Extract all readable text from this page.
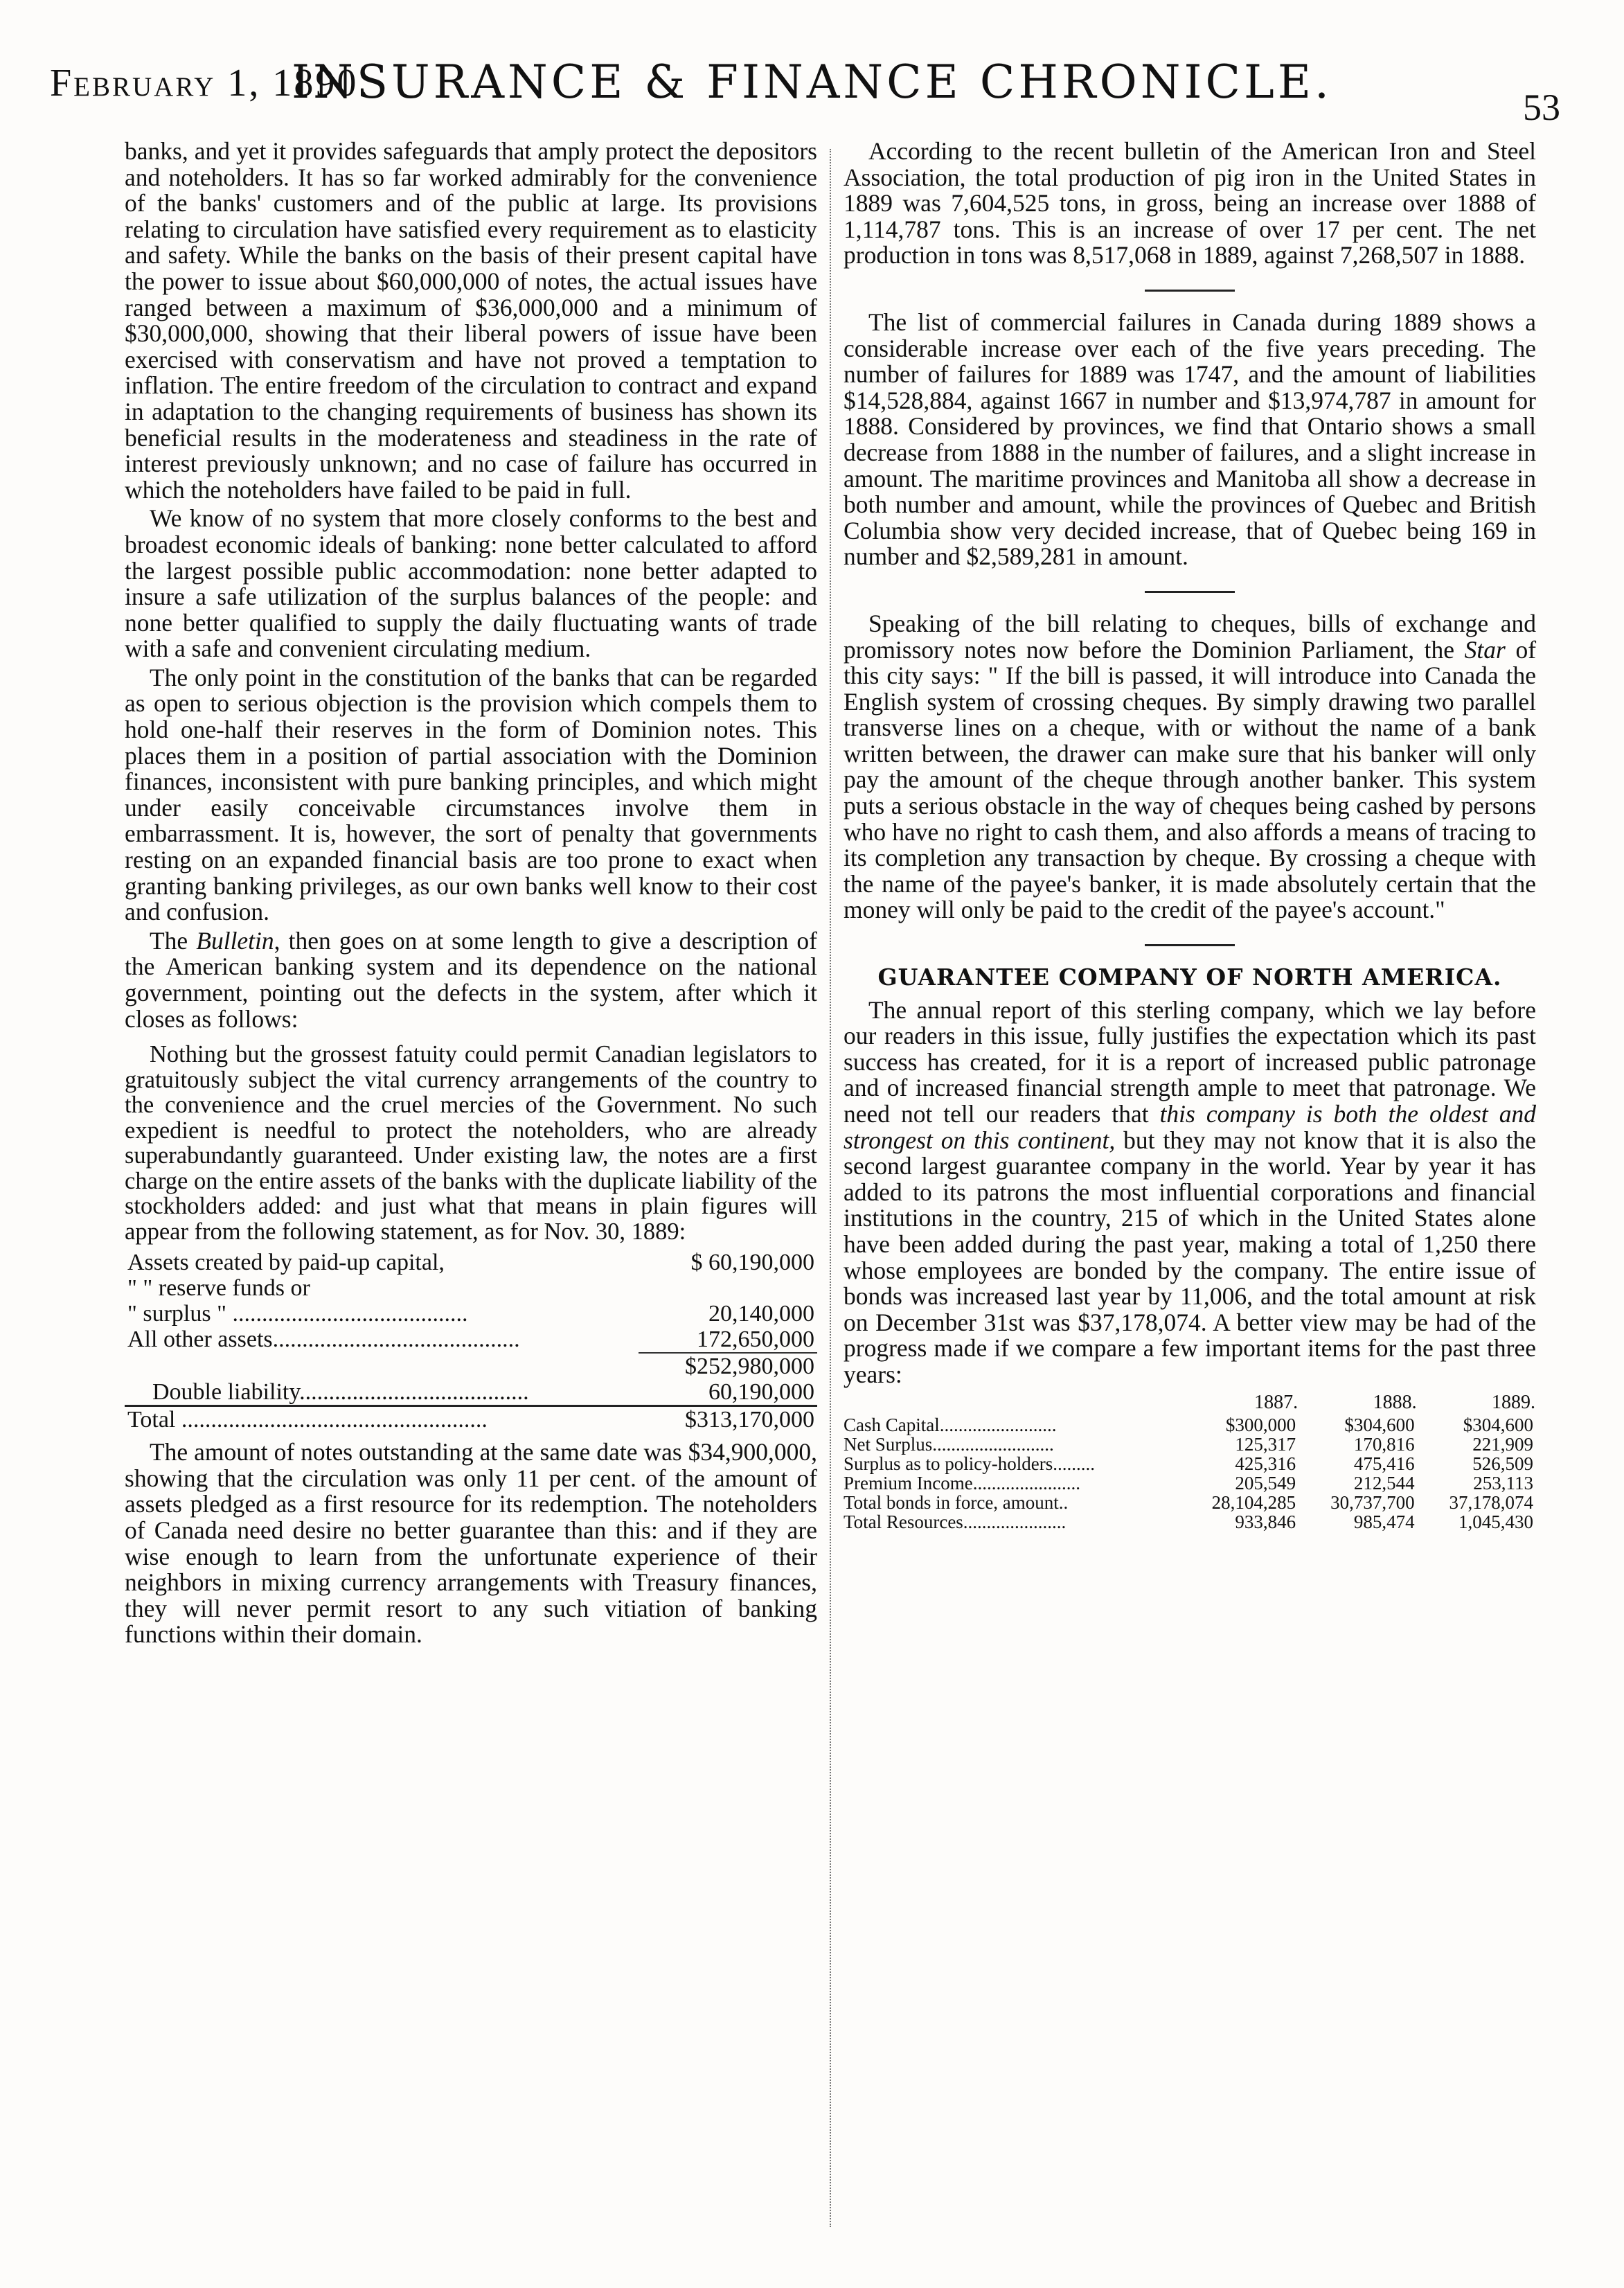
February 1, 1890.
INSURANCE & FINANCE CHRONICLE.	53

banks, and yet it provides safeguards that amply protect the depositors and noteholders. It has so far worked admirably for the convenience of the banks' customers and of the public at large. Its provisions relating to circulation have satisfied every requirement as to elasticity and safety. While the banks on the basis of their present capital have the power to issue about $60,000,000 of notes, the actual issues have ranged between a maximum of $36,000,000 and a minimum of $30,000,000, showing that their liberal powers of issue have been exercised with conservatism and have not proved a temptation to inflation. The entire freedom of the circulation to contract and expand in adaptation to the changing requirements of business has shown its beneficial results in the moderateness and steadiness in the rate of interest previously unknown; and no case of failure has occurred in which the noteholders have failed to be paid in full.

We know of no system that more closely conforms to the best and broadest economic ideals of banking: none better calculated to afford the largest possible public accommodation: none better adapted to insure a safe utilization of the surplus balances of the people: and none better qualified to supply the daily fluctuating wants of trade with a safe and convenient circulating medium.

The only point in the constitution of the banks that can be regarded as open to serious objection is the provision which compels them to hold one-half their reserves in the form of Dominion notes. This places them in a position of partial association with the Dominion finances, inconsistent with pure banking principles, and which might under easily conceivable circumstances involve them in embarrassment. It is, however, the sort of penalty that governments resting on an expanded financial basis are too prone to exact when granting banking privileges, as our own banks well know to their cost and confusion.

The Bulletin, then goes on at some length to give a description of the American banking system and its dependence on the national government, pointing out the defects in the system, after which it closes as follows:

Nothing but the grossest fatuity could permit Canadian legislators to gratuitously subject the vital currency arrangements of the country to the convenience and the cruel mercies of the Government. No such expedient is needful to protect the noteholders, who are already superabundantly guaranteed. Under existing law, the notes are a first charge on the entire assets of the banks with the duplicate liability of the stockholders added: and just what that means in plain figures will appear from the following statement, as for Nov. 30, 1889:

Assets created by paid-up capital,	$ 60,190,000
" " reserve funds or	
" surplus " ........................................	20,140,000
All other assets..........................................	172,650,000
	$252,980,000
Double liability.......................................	60,190,000
Total ....................................................	$313,170,000

The amount of notes outstanding at the same date was $34,900,000, showing that the circulation was only 11 per cent. of the amount of assets pledged as a first resource for its redemption. The noteholders of Canada need desire no better guarantee than this: and if they are wise enough to learn from the unfortunate experience of their neighbors in mixing currency arrangements with Treasury finances, they will never permit resort to any such vitiation of banking functions within their domain.

According to the recent bulletin of the American Iron and Steel Association, the total production of pig iron in the United States in 1889 was 7,604,525 tons, in gross, being an increase over 1888 of 1,114,787 tons. This is an increase of over 17 per cent. The net production in tons was 8,517,068 in 1889, against 7,268,507 in 1888.

The list of commercial failures in Canada during 1889 shows a considerable increase over each of the five years preceding. The number of failures for 1889 was 1747, and the amount of liabilities $14,528,884, against 1667 in number and $13,974,787 in amount for 1888. Considered by provinces, we find that Ontario shows a small decrease from 1888 in the number of failures, and a slight increase in amount. The maritime provinces and Manitoba all show a decrease in both number and amount, while the provinces of Quebec and British Columbia show very decided increase, that of Quebec being 169 in number and $2,589,281 in amount.

Speaking of the bill relating to cheques, bills of exchange and promissory notes now before the Dominion Parliament, the Star of this city says: " If the bill is passed, it will introduce into Canada the English system of crossing cheques. By simply drawing two parallel transverse lines on a cheque, with or without the name of a bank written between, the drawer can make sure that his banker will only pay the amount of the cheque through another banker. This system puts a serious obstacle in the way of cheques being cashed by persons who have no right to cash them, and also affords a means of tracing to its completion any transaction by cheque. By crossing a cheque with the name of the payee's banker, it is made absolutely certain that the money will only be paid to the credit of the payee's account."

GUARANTEE COMPANY OF NORTH AMERICA.

The annual report of this sterling company, which we lay before our readers in this issue, fully justifies the expectation which its past success has created, for it is a report of increased public patronage and of increased financial strength ample to meet that patronage. We need not tell our readers that this company is both the oldest and strongest on this continent, but they may not know that it is also the second largest guarantee company in the world. Year by year it has added to its patrons the most influential corporations and financial institutions in the country, 215 of which in the United States alone have been added during the past year, making a total of 1,250 there whose employees are bonded by the company. The entire issue of bonds was increased last year by 11,006, and the total amount at risk on December 31st was $37,178,074. A better view may be had of the progress made if we compare a few important items for the past three years:

	1887.	1888.	1889.
Cash Capital.........................	$300,000	$304,600	$304,600
Net Surplus..........................	125,317	170,816	221,909
Surplus as to policy-holders.........	425,316	475,416	526,509
Premium Income.......................	205,549	212,544	253,113
Total bonds in force, amount..	28,104,285	30,737,700	37,178,074
Total Resources......................	933,846	985,474	1,045,430
